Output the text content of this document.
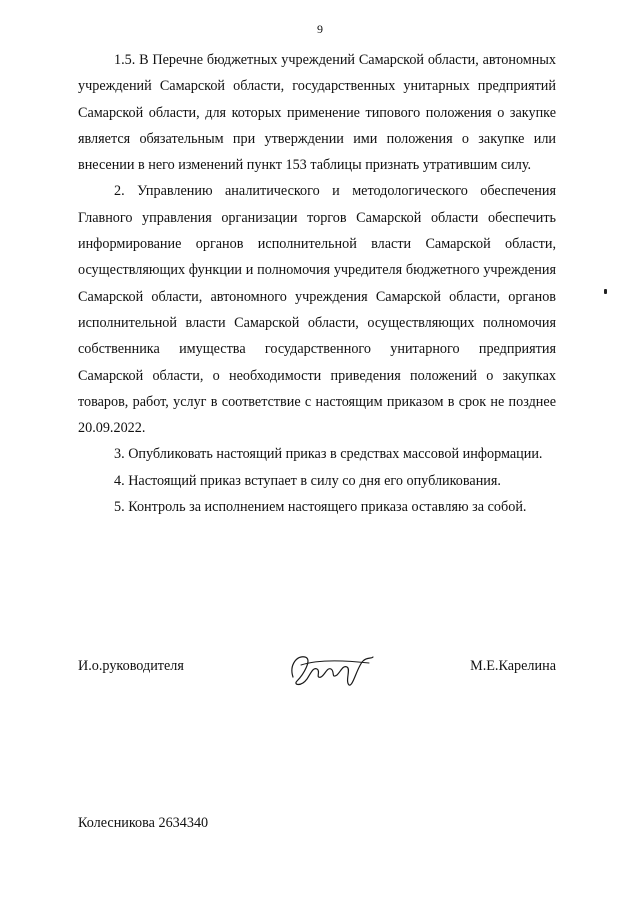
9

1.5. В Перечне бюджетных учреждений Самарской области, автономных учреждений Самарской области, государственных унитарных предприятий Самарской области, для которых применение типового положения о закупке является обязательным при утверждении ими положения о закупке или внесении в него изменений пункт 153 таблицы признать утратившим силу.

2. Управлению аналитического и методологического обеспечения Главного управления организации торгов Самарской области обеспечить информирование органов исполнительной власти Самарской области, осуществляющих функции и полномочия учредителя бюджетного учреждения Самарской области, автономного учреждения Самарской области, органов исполнительной власти Самарской области, осуществляющих полномочия собственника имущества государственного унитарного предприятия Самарской области, о необходимости приведения положений о закупках товаров, работ, услуг в соответствие с настоящим приказом в срок не позднее 20.09.2022.

3. Опубликовать настоящий приказ в средствах массовой информации.

4. Настоящий приказ вступает в силу со дня его опубликования.

5. Контроль за исполнением настоящего приказа оставляю за собой.

И.о.руководителя	М.Е.Карелина
Колесникова 2634340
